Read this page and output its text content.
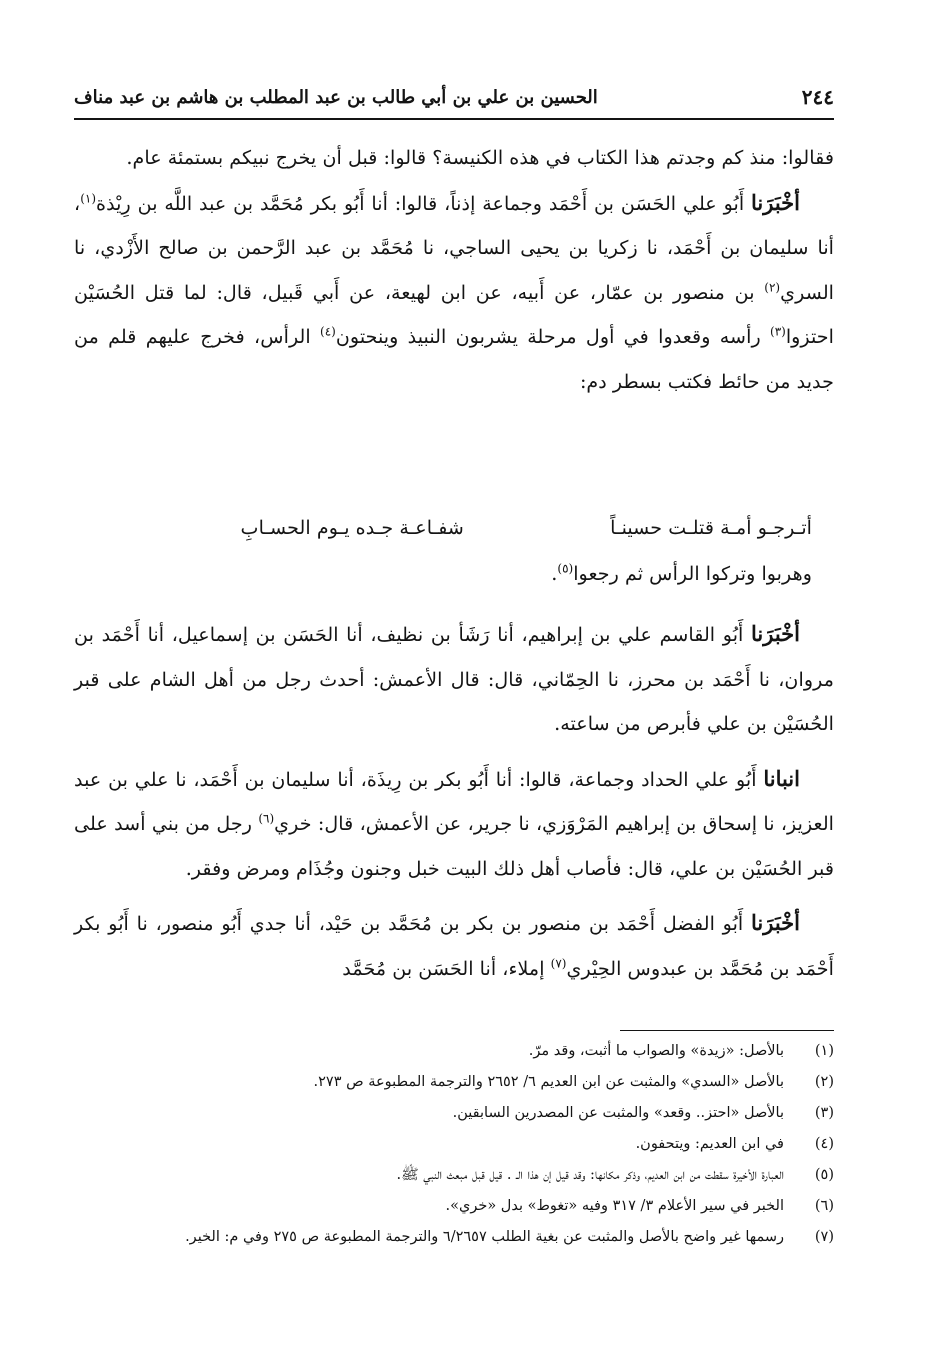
٢٤٤
الحسين بن علي بن أبي طالب بن عبد المطلب بن هاشم بن عبد مناف

فقالوا: منذ كم وجدتم هذا الكتاب في هذه الكنيسة؟ قالوا: قبل أن يخرج نبيكم بستمئة عام.

أخْبَرَنا أَبُو علي الحَسَن بن أَحْمَد وجماعة إذناً، قالوا: أنا أَبُو بكر مُحَمَّد بن عبد اللَّه بن رِيْذة$^{(١)}$، أنا سليمان بن أَحْمَد، نا زكريا بن يحيى الساجي، نا مُحَمَّد بن عبد الرَّحمن بن صالح الأَزْدي، نا السري$^{(٢)}$ بن منصور بن عمّار، عن أَبيه، عن ابن لهيعة، عن أَبي قَبيل، قال: لما قتل الحُسَيْن احتزوا$^{(٣)}$ رأسه وقعدوا في أول مرحلة يشربون النبيذ وينحتون$^{(٤)}$ الرأس، فخرج عليهم قلم من جديد من حائط فكتب بسطر دم:

أتـرجـو أمـة قتلـت حسينـاً
شفـاعـة جـده يـوم الحسـابِ
وهربوا وتركوا الرأس ثم رجعوا$^{(٥)}$.

أخْبَرَنا أَبُو القاسم علي بن إبراهيم، أنا رَشَأ بن نظيف، أنا الحَسَن بن إسماعيل، أنا أَحْمَد بن مروان، نا أَحْمَد بن محرز، نا الحِمّاني، قال: قال الأعمش: أحدث رجل من أهل الشام على قبر الحُسَيْن بن علي فأبرص من ساعته.

انبانا أَبُو علي الحداد وجماعة، قالوا: أنا أَبُو بكر بن رِيذَة، أنا سليمان بن أَحْمَد، نا علي بن عبد العزيز، نا إسحاق بن إبراهيم المَرْوَزي، نا جرير، عن الأعمش، قال: خري$^{(٦)}$ رجل من بني أسد على قبر الحُسَيْن بن علي، قال: فأصاب أهل ذلك البيت خبل وجنون وجُذَام ومرض وفقر.

أخْبَرَنا أَبُو الفضل أَحْمَد بن منصور بن بكر بن مُحَمَّد بن حَيْد، أنا جدي أَبُو منصور، نا أَبُو بكر أَحْمَد بن مُحَمَّد بن عبدوس الحِيْري$^{(٧)}$ إملاء، أنا الحَسَن بن مُحَمَّد

(١)
بالأصل: «زيدة» والصواب ما أثبت، وقد مرّ.

(٢)
بالأصل «السدي» والمثبت عن ابن العديم ٦/ ٢٦٥٢ والترجمة المطبوعة ص ٢٧٣.

(٣)
بالأصل «احتز.. وقعد» والمثبت عن المصدرين السابقين.

(٤)
في ابن العديم: ويتحفون.

(٥)
العبارة الأخيرة سقطت من ابن العديم، وذكر مكانها: وقد قيل إن هذا الـ . قيل قبل مبعث النبي ﷺ.

(٦)
الخبر في سير الأعلام ٣/ ٣١٧ وفيه «تغوط» بدل «خري».

(٧)
رسمها غير واضح بالأصل والمثبت عن بغية الطلب ٦/٢٦٥٧ والترجمة المطبوعة ص ٢٧٥ وفي م: الخير.
